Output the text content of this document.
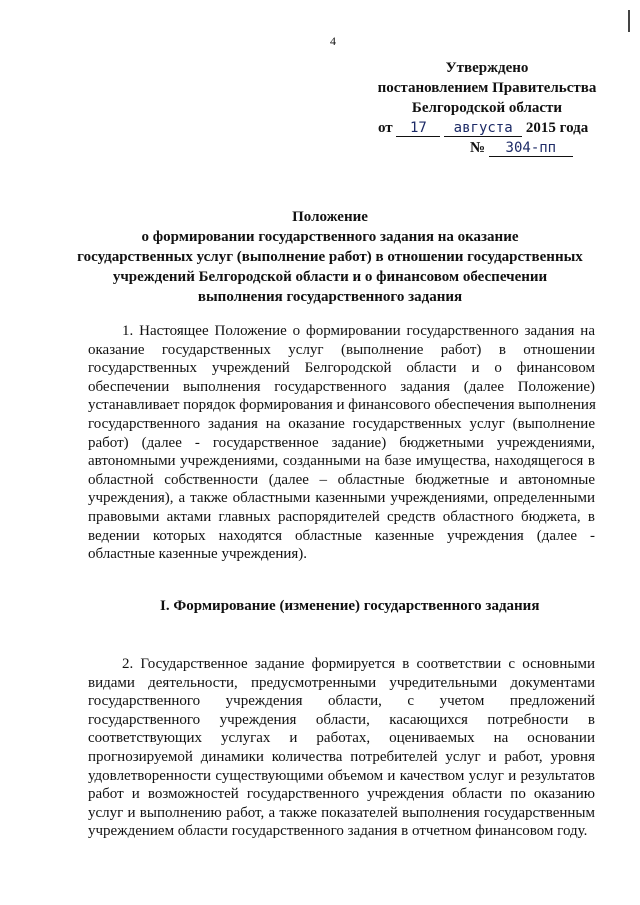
4
Утверждено
постановлением Правительства
Белгородской области
от 17 августа 2015 года
№ 304-пп
Положение
о формировании государственного задания на оказание
государственных услуг (выполнение работ) в отношении государственных
учреждений Белгородской области и о финансовом обеспечении
выполнения государственного задания
1. Настоящее Положение о формировании государственного задания на
оказание государственных услуг (выполнение работ) в отношении
государственных учреждений Белгородской области и о финансовом
обеспечении выполнения государственного задания (далее Положение)
устанавливает порядок формирования и финансового обеспечения выполнения
государственного задания на оказание государственных услуг (выполнение
работ) (далее - государственное задание) бюджетными учреждениями,
автономными учреждениями, созданными на базе имущества, находящегося в
областной собственности (далее – областные бюджетные и автономные
учреждения), а также областными казенными учреждениями, определенными
правовыми актами главных распорядителей средств областного бюджета, в
ведении которых находятся областные казенные учреждения (далее -
областные казенные учреждения).
I. Формирование (изменение) государственного задания
2. Государственное задание формируется в соответствии с основными
видами деятельности, предусмотренными учредительными документами
государственного учреждения области, с учетом предложений
государственного учреждения области, касающихся потребности в
соответствующих услугах и работах, оцениваемых на основании
прогнозируемой динамики количества потребителей услуг и работ, уровня
удовлетворенности существующими объемом и качеством услуг и результатов
работ и возможностей государственного учреждения области по оказанию
услуг и выполнению работ, а также показателей выполнения государственным
учреждением области государственного задания в отчетном финансовом году.
